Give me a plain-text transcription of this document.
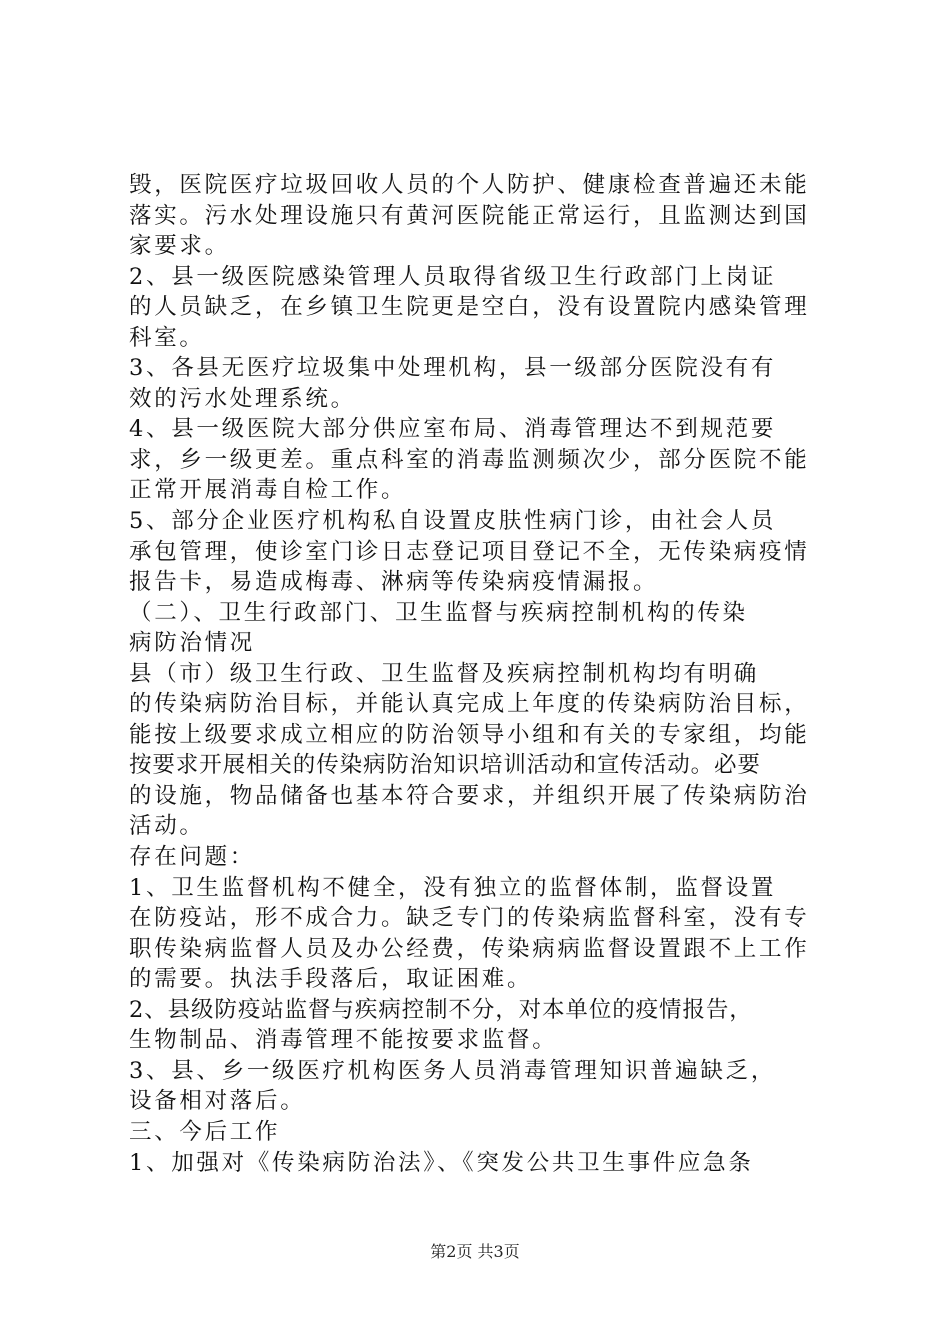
毁，医院医疗垃圾回收人员的个人防护、健康检查普遍还未能
落实。污水处理设施只有黄河医院能正常运行，且监测达到国
家要求。
2、县一级医院感染管理人员取得省级卫生行政部门上岗证
的人员缺乏，在乡镇卫生院更是空白，没有设置院内感染管理
科室。
3、各县无医疗垃圾集中处理机构，县一级部分医院没有有
效的污水处理系统。
4、县一级医院大部分供应室布局、消毒管理达不到规范要
求，乡一级更差。重点科室的消毒监测频次少，部分医院不能
正常开展消毒自检工作。
5、部分企业医疗机构私自设置皮肤性病门诊，由社会人员
承包管理，使诊室门诊日志登记项目登记不全，无传染病疫情
报告卡，易造成梅毒、淋病等传染病疫情漏报。
（二）、卫生行政部门、卫生监督与疾病控制机构的传染
病防治情况
县（市）级卫生行政、卫生监督及疾病控制机构均有明确
的传染病防治目标，并能认真完成上年度的传染病防治目标，
能按上级要求成立相应的防治领导小组和有关的专家组，均能
按要求开展相关的传染病防治知识培训活动和宣传活动。必要
的设施，物品储备也基本符合要求，并组织开展了传染病防治
活动。
存在问题：
1、卫生监督机构不健全，没有独立的监督体制，监督设置
在防疫站，形不成合力。缺乏专门的传染病监督科室，没有专
职传染病监督人员及办公经费，传染病病监督设置跟不上工作
的需要。执法手段落后，取证困难。
2、县级防疫站监督与疾病控制不分，对本单位的疫情报告，
生物制品、消毒管理不能按要求监督。
3、县、乡一级医疗机构医务人员消毒管理知识普遍缺乏，
设备相对落后。
三、今后工作
1、加强对《传染病防治法》、《突发公共卫生事件应急条
第2页 共3页
